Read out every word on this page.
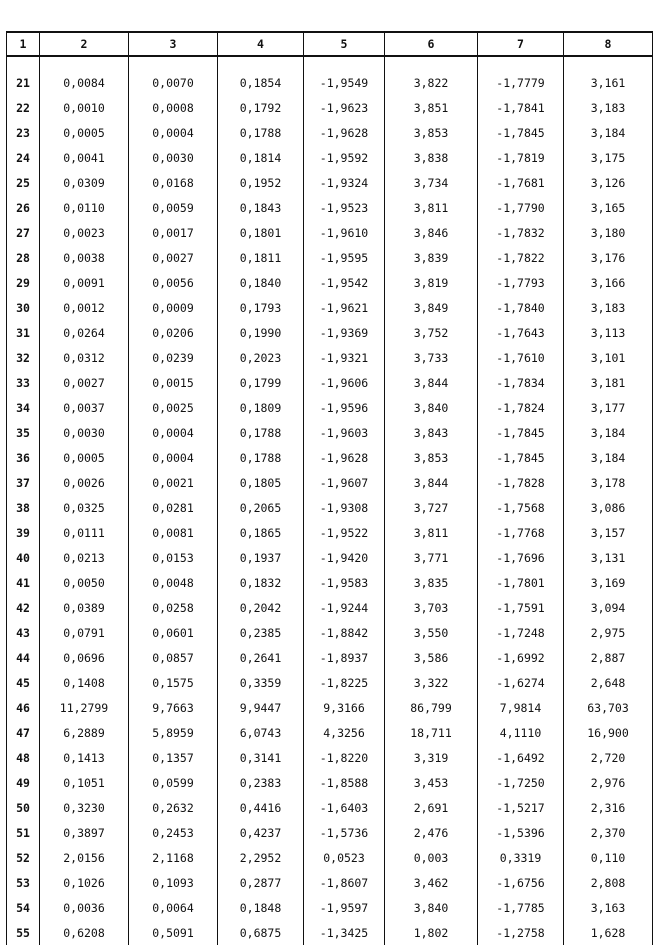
1	2	3	4	5	6	7	8

21	0,0084	0,0070	0,1854	-1,9549	3,822	-1,7779	3,161
22	0,0010	0,0008	0,1792	-1,9623	3,851	-1,7841	3,183
23	0,0005	0,0004	0,1788	-1,9628	3,853	-1,7845	3,184
24	0,0041	0,0030	0,1814	-1,9592	3,838	-1,7819	3,175
25	0,0309	0,0168	0,1952	-1,9324	3,734	-1,7681	3,126
26	0,0110	0,0059	0,1843	-1,9523	3,811	-1,7790	3,165
27	0,0023	0,0017	0,1801	-1,9610	3,846	-1,7832	3,180
28	0,0038	0,0027	0,1811	-1,9595	3,839	-1,7822	3,176
29	0,0091	0,0056	0,1840	-1,9542	3,819	-1,7793	3,166
30	0,0012	0,0009	0,1793	-1,9621	3,849	-1,7840	3,183
31	0,0264	0,0206	0,1990	-1,9369	3,752	-1,7643	3,113
32	0,0312	0,0239	0,2023	-1,9321	3,733	-1,7610	3,101
33	0,0027	0,0015	0,1799	-1,9606	3,844	-1,7834	3,181
34	0,0037	0,0025	0,1809	-1,9596	3,840	-1,7824	3,177
35	0,0030	0,0004	0,1788	-1,9603	3,843	-1,7845	3,184
36	0,0005	0,0004	0,1788	-1,9628	3,853	-1,7845	3,184
37	0,0026	0,0021	0,1805	-1,9607	3,844	-1,7828	3,178
38	0,0325	0,0281	0,2065	-1,9308	3,727	-1,7568	3,086
39	0,0111	0,0081	0,1865	-1,9522	3,811	-1,7768	3,157
40	0,0213	0,0153	0,1937	-1,9420	3,771	-1,7696	3,131
41	0,0050	0,0048	0,1832	-1,9583	3,835	-1,7801	3,169
42	0,0389	0,0258	0,2042	-1,9244	3,703	-1,7591	3,094
43	0,0791	0,0601	0,2385	-1,8842	3,550	-1,7248	2,975
44	0,0696	0,0857	0,2641	-1,8937	3,586	-1,6992	2,887
45	0,1408	0,1575	0,3359	-1,8225	3,322	-1,6274	2,648
46	11,2799	9,7663	9,9447	9,3166	86,799	7,9814	63,703
47	6,2889	5,8959	6,0743	4,3256	18,711	4,1110	16,900
48	0,1413	0,1357	0,3141	-1,8220	3,319	-1,6492	2,720
49	0,1051	0,0599	0,2383	-1,8588	3,453	-1,7250	2,976
50	0,3230	0,2632	0,4416	-1,6403	2,691	-1,5217	2,316
51	0,3897	0,2453	0,4237	-1,5736	2,476	-1,5396	2,370
52	2,0156	2,1168	2,2952	0,0523	0,003	0,3319	0,110
53	0,1026	0,1093	0,2877	-1,8607	3,462	-1,6756	2,808
54	0,0036	0,0064	0,1848	-1,9597	3,840	-1,7785	3,163
55	0,6208	0,5091	0,6875	-1,3425	1,802	-1,2758	1,628
